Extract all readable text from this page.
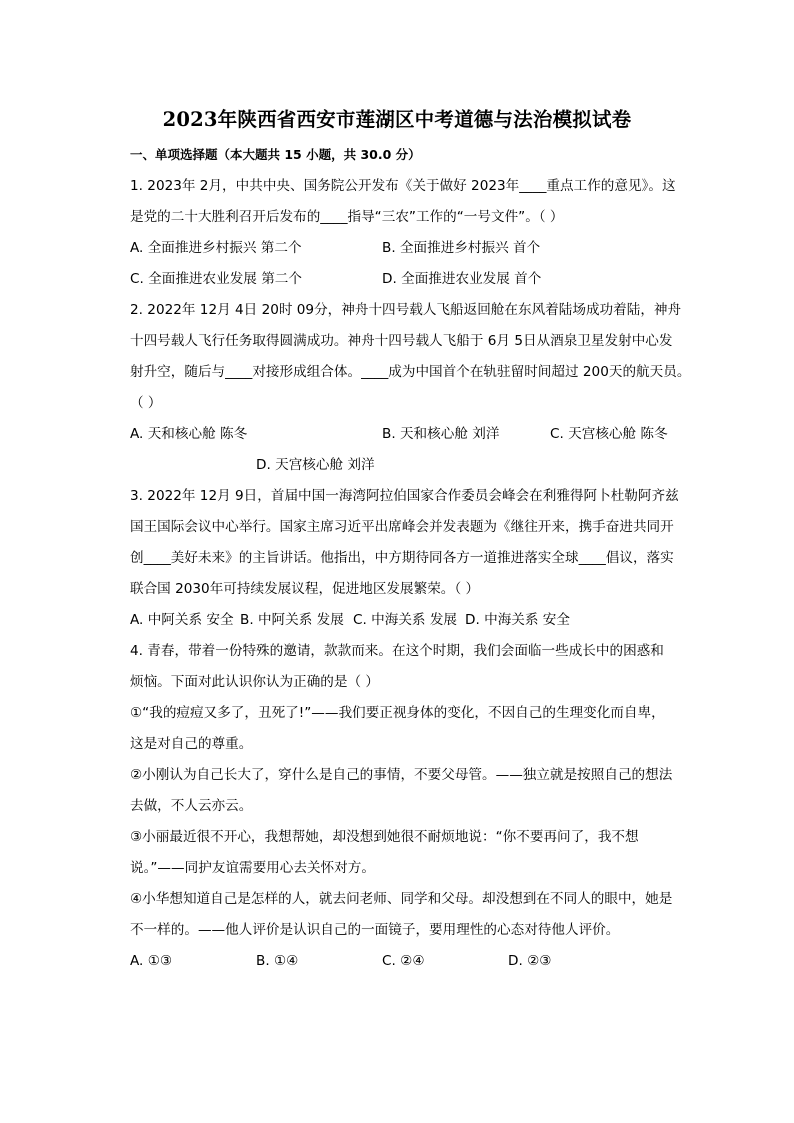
2023年陕西省西安市莲湖区中考道德与法治模拟试卷
一、单项选择题（本大题共 15 小题，共 30.0 分）
1. 2023年 2月，中共中央、国务院公开发布《关于做好 2023年____重点工作的意见》。这
是党的二十大胜利召开后发布的____指导“三农”工作的“一号文件”。（ ）
A. 全面推进乡村振兴 第二个	B. 全面推进乡村振兴 首个
C. 全面推进农业发展 第二个	D. 全面推进农业发展 首个
2. 2022年 12月 4日 20时 09分，神舟十四号载人飞船返回舱在东风着陆场成功着陆，神舟
十四号载人飞行任务取得圆满成功。神舟十四号载人飞船于 6月 5日从酒泉卫星发射中心发
射升空，随后与____对接形成组合体。____成为中国首个在轨驻留时间超过 200天的航天员。
（ ）
A. 天和核心舱 陈冬	B. 天和核心舱 刘洋	C. 天宫核心舱 陈冬
D. 天宫核心舱 刘洋
3. 2022年 12月 9日，首届中国一海湾阿拉伯国家合作委员会峰会在利雅得阿卜杜勒阿齐兹
国王国际会议中心举行。国家主席习近平出席峰会并发表题为《继往开来，携手奋进共同开
创____美好未来》的主旨讲话。他指出，中方期待同各方一道推进落实全球____倡议，落实
联合国 2030年可持续发展议程，促进地区发展繁荣。（ ）
A. 中阿关系 安全 B. 中阿关系 发展 C. 中海关系 发展 D. 中海关系 安全
4. 青春，带着一份特殊的邀请，款款而来。在这个时期，我们会面临一些成长中的困惑和
烦恼。下面对此认识你认为正确的是（ ）
①“我的痘痘又多了，丑死了!”——我们要正视身体的变化，不因自己的生理变化而自卑，
这是对自己的尊重。
②小刚认为自己长大了，穿什么是自己的事情，不要父母管。——独立就是按照自己的想法
去做，不人云亦云。
③小丽最近很不开心，我想帮她，却没想到她很不耐烦地说：“你不要再问了，我不想
说。”——同护友谊需要用心去关怀对方。
④小华想知道自己是怎样的人，就去问老师、同学和父母。却没想到在不同人的眼中，她是
不一样的。——他人评价是认识自己的一面镜子，要用理性的心态对待他人评价。
A. ①③	B. ①④	C. ②④	D. ②③
